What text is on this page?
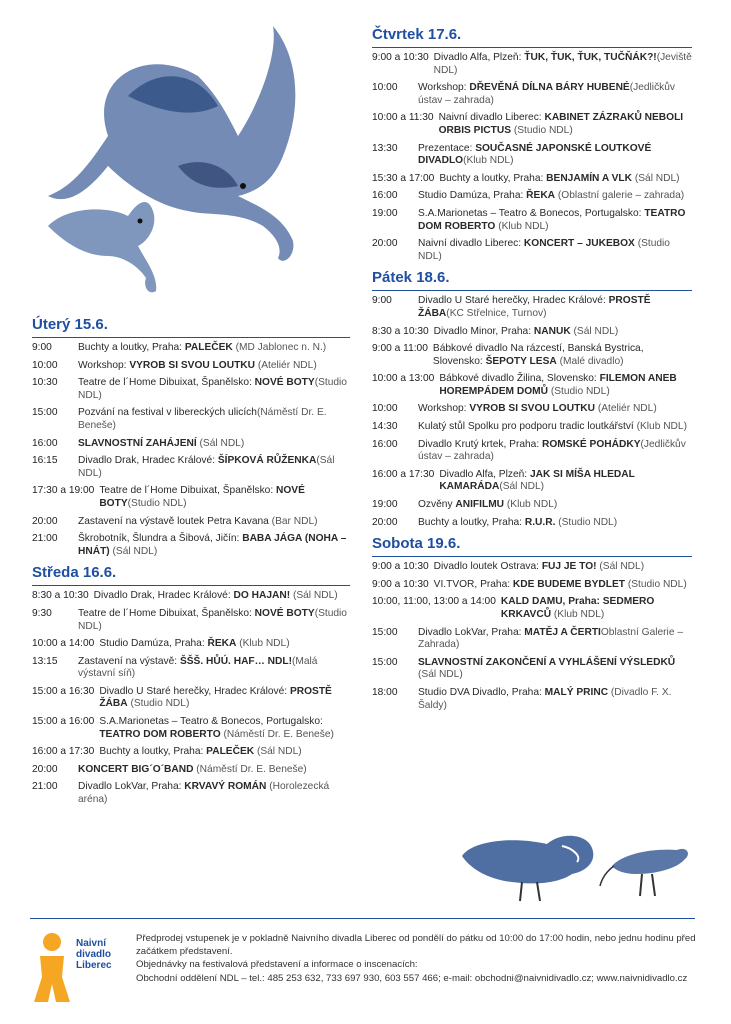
Úterý 15.6.
9:00	Buchty a loutky, Praha: PALEČEK (MD Jablonec n. N.)
10:00	Workshop: VYROB SI SVOU LOUTKU (Ateliér NDL)
10:30	Teatre de l´Home Dibuixat, Španělsko: NOVÉ BOTY(Studio NDL)
15:00	Pozvání na festival v libereckých ulicích(Náměstí Dr. E. Beneše)
16:00	SLAVNOSTNÍ ZAHÁJENÍ (Sál NDL)
16:15	Divadlo Drak, Hradec Králové: ŠÍPKOVÁ RŮŽENKA(Sál NDL)
17:30 a 19:00 Teatre de l´Home Dibuixat, Španělsko: NOVÉ BOTY(Studio NDL)
20:00	Zastavení na výstavě loutek Petra Kavana (Bar NDL)
21:00	Škrobotník, Šlundra a Šibová, Jičín: BABA JÁGA (NOHA – HNÁT) (Sál NDL)
Středa 16.6.
8:30 a 10:30 Divadlo Drak, Hradec Králové: DO HAJAN! (Sál NDL)
9:30	Teatre de l´Home Dibuixat, Španělsko: NOVÉ BOTY(Studio NDL)
10:00 a 14:00 Studio Damúza, Praha: ŘEKA (Klub NDL)
13:15	Zastavení na výstavě: ŠŠŠ. HŮÚ. HAF… NDL!(Malá výstavní síň)
15:00 a 16:30 Divadlo U Staré herečky, Hradec Králové: PROSTĚ ŽÁBA (Studio NDL)
15:00 a 16:00 S.A.Marionetas – Teatro & Bonecos, Portugalsko: TEATRO DOM ROBERTO (Náměstí Dr. E. Beneše)
16:00 a 17:30 Buchty a loutky, Praha: PALEČEK (Sál NDL)
20:00	KONCERT BIG´O´BAND (Náměstí Dr. E. Beneše)
21:00	Divadlo LokVar, Praha: KRVAVÝ ROMÁN (Horolezecká aréna)
Čtvrtek 17.6.
9:00 a 10:30 Divadlo Alfa, Plzeň: ŤUK, ŤUK, ŤUK, TUČŇÁK?!(Jeviště NDL)
10:00	Workshop: DŘEVĚNÁ DÍLNA BÁRY HUBENÉ(Jedličkův ústav – zahrada)
10:00 a 11:30 Naivní divadlo Liberec: KABINET ZÁZRAKŮ NEBOLI ORBIS PICTUS (Studio NDL)
13:30	Prezentace: SOUČASNÉ JAPONSKÉ LOUTKOVÉ DIVADLO(Klub NDL)
15:30 a 17:00 Buchty a loutky, Praha: BENJAMÍN A VLK (Sál NDL)
16:00	Studio Damúza, Praha: ŘEKA (Oblastní galerie – zahrada)
19:00	S.A.Marionetas – Teatro & Bonecos, Portugalsko: TEATRO DOM ROBERTO (Klub NDL)
20:00	Naivní divadlo Liberec: KONCERT – JUKEBOX (Studio NDL)
Pátek 18.6.
9:00	Divadlo U Staré herečky, Hradec Králové: PROSTĚ ŽÁBA(KC Střelnice, Turnov)
8:30 a 10:30 Divadlo Minor, Praha: NANUK (Sál NDL)
9:00 a 11:00 Bábkové divadlo Na rázcestí, Banská Bystrica, Slovensko: ŠEPOTY LESA (Malé divadlo)
10:00 a 13:00 Bábkové divadlo Žilina, Slovensko: FILEMON ANEB HOREMPÁDEM DOMŮ (Studio NDL)
10:00	Workshop: VYROB SI SVOU LOUTKU (Ateliér NDL)
14:30	Kulatý stůl Spolku pro podporu tradic loutkářství (Klub NDL)
16:00	Divadlo Krutý krtek, Praha: ROMSKÉ POHÁDKY(Jedličkův ústav – zahrada)
16:00 a 17:30 Divadlo Alfa, Plzeň: JAK SI MÍŠA HLEDAL KAMARÁDA(Sál NDL)
19:00	Ozvěny ANIFILMU (Klub NDL)
20:00	Buchty a loutky, Praha: R.U.R. (Studio NDL)
Sobota 19.6.
9:00 a 10:30 Divadlo loutek Ostrava: FUJ JE TO! (Sál NDL)
9:00 a 10:30 VI.TVOR, Praha: KDE BUDEME BYDLET (Studio NDL)
10:00, 11:00, 13:00 a 14:00 KALD DAMU, Praha: SEDMERO KRKAVCŮ (Klub NDL)
15:00	Divadlo LokVar, Praha: MATĚJ A ČERTIOblastní Galerie – Zahrada)
15:00	SLAVNOSTNÍ ZAKONČENÍ A VYHLÁŠENÍ VÝSLEDKŮ (Sál NDL)
18:00	Studio DVA Divadlo, Praha: MALÝ PRINC (Divadlo F. X. Šaldy)
Naivní
divadlo
Liberec
Předprodej vstupenek je v pokladně Naivního divadla Liberec od pondělí do pátku od 10:00 do 17:00 hodin, nebo jednu hodinu před začátkem představení.
Objednávky na festivalová představení a informace o inscenacích:
Obchodní oddělení NDL – tel.: 485 253 632, 733 697 930, 603 557 466; e-mail: obchodni@naivnidivadlo.cz; www.naivnidivadlo.cz
